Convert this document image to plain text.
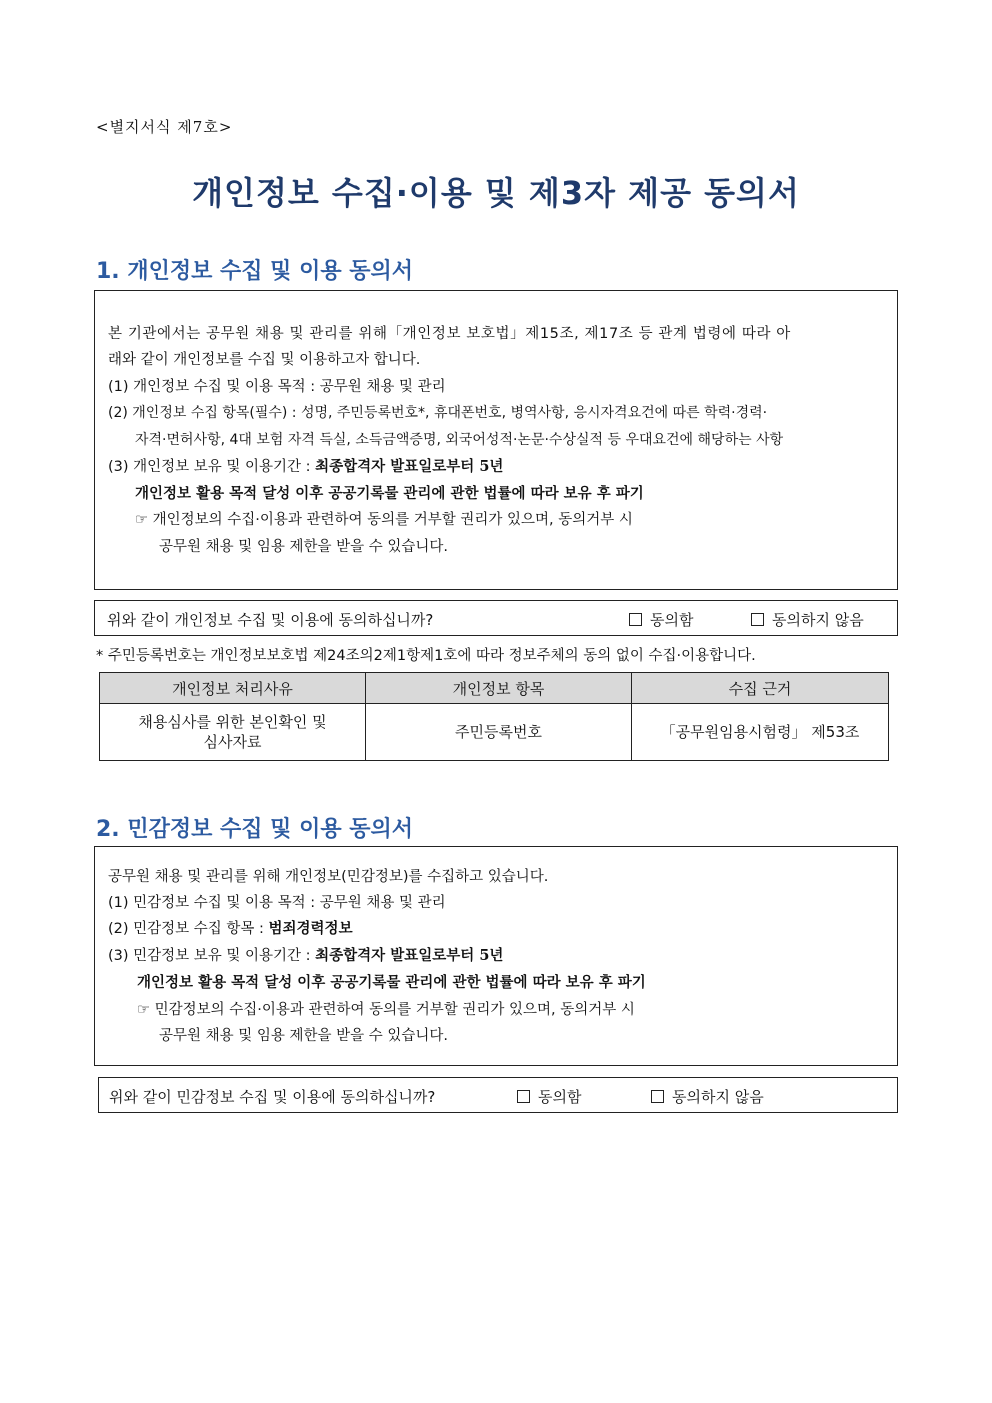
<별지서식 제7호>
개인정보 수집·이용 및 제3자 제공 동의서
1. 개인정보 수집 및 이용 동의서
본 기관에서는 공무원 채용 및 관리를 위해「개인정보 보호법」제15조, 제17조 등 관계 법령에 따라 아
래와 같이 개인정보를 수집 및 이용하고자 합니다.
(1) 개인정보 수집 및 이용 목적 : 공무원 채용 및 관리
(2) 개인정보 수집 항목(필수) : 성명, 주민등록번호*, 휴대폰번호, 병역사항, 응시자격요건에 따른 학력·경력·
자격·면허사항, 4대 보험 자격 득실, 소득금액증명, 외국어성적·논문·수상실적 등 우대요건에 해당하는 사항
(3) 개인정보 보유 및 이용기간 : 최종합격자 발표일로부터 5년
개인정보 활용 목적 달성 이후 공공기록물 관리에 관한 법률에 따라 보유 후 파기
☞ 개인정보의 수집·이용과 관련하여 동의를 거부할 권리가 있으며, 동의거부 시
공무원 채용 및 임용 제한을 받을 수 있습니다.
위와 같이 개인정보 수집 및 이용에 동의하십니까?	동의함	동의하지 않음
* 주민등록번호는 개인정보보호법 제24조의2제1항제1호에 따라 정보주체의 동의 없이 수집·이용합니다.
개인정보 처리사유	개인정보 항목	수집 근거

채용심사를 위한 본인확인 및
심사자료	주민등록번호	「공무원임용시험령」 제53조
2. 민감정보 수집 및 이용 동의서
공무원 채용 및 관리를 위해 개인정보(민감정보)를 수집하고 있습니다.
(1) 민감정보 수집 및 이용 목적 : 공무원 채용 및 관리
(2) 민감정보 수집 항목 : 범죄경력정보
(3) 민감정보 보유 및 이용기간 : 최종합격자 발표일로부터 5년
개인정보 활용 목적 달성 이후 공공기록물 관리에 관한 법률에 따라 보유 후 파기
☞ 민감정보의 수집·이용과 관련하여 동의를 거부할 권리가 있으며, 동의거부 시
공무원 채용 및 임용 제한을 받을 수 있습니다.
위와 같이 민감정보 수집 및 이용에 동의하십니까?	동의함	동의하지 않음
